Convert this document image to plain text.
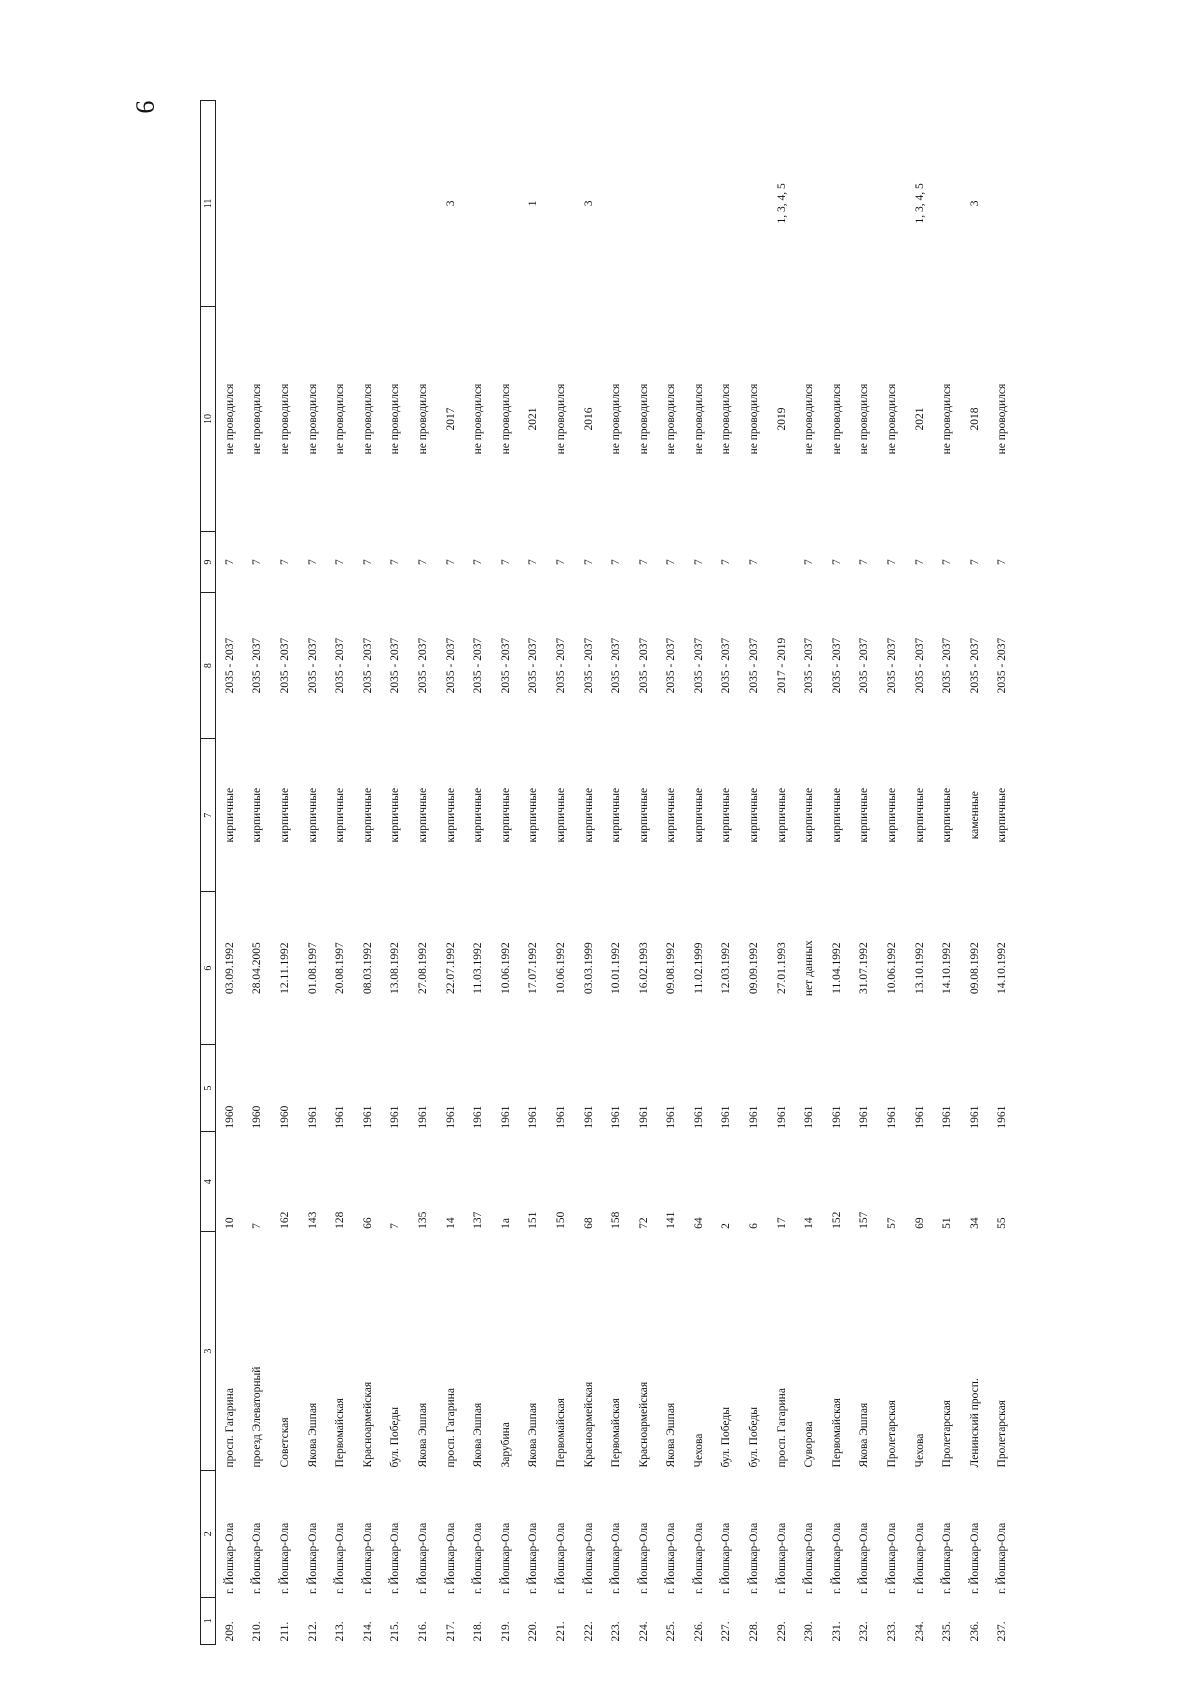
9
1	2	3	4	5	6	7	8	9	10	11
209.	г. Йошкар-Ола	просп. Гагарина	10	1960	03.09.1992	кирпичные	2035 - 2037	7	не проводился	
210.	г. Йошкар-Ола	проезд Элеваторный	7	1960	28.04.2005	кирпичные	2035 - 2037	7	не проводился	
211.	г. Йошкар-Ола	Советская	162	1960	12.11.1992	кирпичные	2035 - 2037	7	не проводился	
212.	г. Йошкар-Ола	Якова Эшпая	143	1961	01.08.1997	кирпичные	2035 - 2037	7	не проводился	
213.	г. Йошкар-Ола	Первомайская	128	1961	20.08.1997	кирпичные	2035 - 2037	7	не проводился	
214.	г. Йошкар-Ола	Красноармейская	66	1961	08.03.1992	кирпичные	2035 - 2037	7	не проводился	
215.	г. Йошкар-Ола	бул. Победы	7	1961	13.08.1992	кирпичные	2035 - 2037	7	не проводился	
216.	г. Йошкар-Ола	Якова Эшпая	135	1961	27.08.1992	кирпичные	2035 - 2037	7	не проводился	
217.	г. Йошкар-Ола	просп. Гагарина	14	1961	22.07.1992	кирпичные	2035 - 2037	7	2017	3
218.	г. Йошкар-Ола	Якова Эшпая	137	1961	11.03.1992	кирпичные	2035 - 2037	7	не проводился	
219.	г. Йошкар-Ола	Зарубина	1а	1961	10.06.1992	кирпичные	2035 - 2037	7	не проводился	
220.	г. Йошкар-Ола	Якова Эшпая	151	1961	17.07.1992	кирпичные	2035 - 2037	7	2021	1
221.	г. Йошкар-Ола	Первомайская	150	1961	10.06.1992	кирпичные	2035 - 2037	7	не проводился	
222.	г. Йошкар-Ола	Красноармейская	68	1961	03.03.1999	кирпичные	2035 - 2037	7	2016	3
223.	г. Йошкар-Ола	Первомайская	158	1961	10.01.1992	кирпичные	2035 - 2037	7	не проводился	
224.	г. Йошкар-Ола	Красноармейская	72	1961	16.02.1993	кирпичные	2035 - 2037	7	не проводился	
225.	г. Йошкар-Ола	Якова Эшпая	141	1961	09.08.1992	кирпичные	2035 - 2037	7	не проводился	
226.	г. Йошкар-Ола	Чехова	64	1961	11.02.1999	кирпичные	2035 - 2037	7	не проводился	
227.	г. Йошкар-Ола	бул. Победы	2	1961	12.03.1992	кирпичные	2035 - 2037	7	не проводился	
228.	г. Йошкар-Ола	бул. Победы	6	1961	09.09.1992	кирпичные	2035 - 2037	7	не проводился	
229.	г. Йошкар-Ола	просп. Гагарина	17	1961	27.01.1993	кирпичные	2017 - 2019		2019	1, 3, 4, 5
230.	г. Йошкар-Ола	Суворова	14	1961	нет данных	кирпичные	2035 - 2037	7	не проводился	
231.	г. Йошкар-Ола	Первомайская	152	1961	11.04.1992	кирпичные	2035 - 2037	7	не проводился	
232.	г. Йошкар-Ола	Якова Эшпая	157	1961	31.07.1992	кирпичные	2035 - 2037	7	не проводился	
233.	г. Йошкар-Ола	Пролетарская	57	1961	10.06.1992	кирпичные	2035 - 2037	7	не проводился	
234.	г. Йошкар-Ола	Чехова	69	1961	13.10.1992	кирпичные	2035 - 2037	7	2021	1, 3, 4, 5
235.	г. Йошкар-Ола	Пролетарская	51	1961	14.10.1992	кирпичные	2035 - 2037	7	не проводился	
236.	г. Йошкар-Ола	Ленинский просп.	34	1961	09.08.1992	каменные	2035 - 2037	7	2018	3
237.	г. Йошкар-Ола	Пролетарская	55	1961	14.10.1992	кирпичные	2035 - 2037	7	не проводился	
